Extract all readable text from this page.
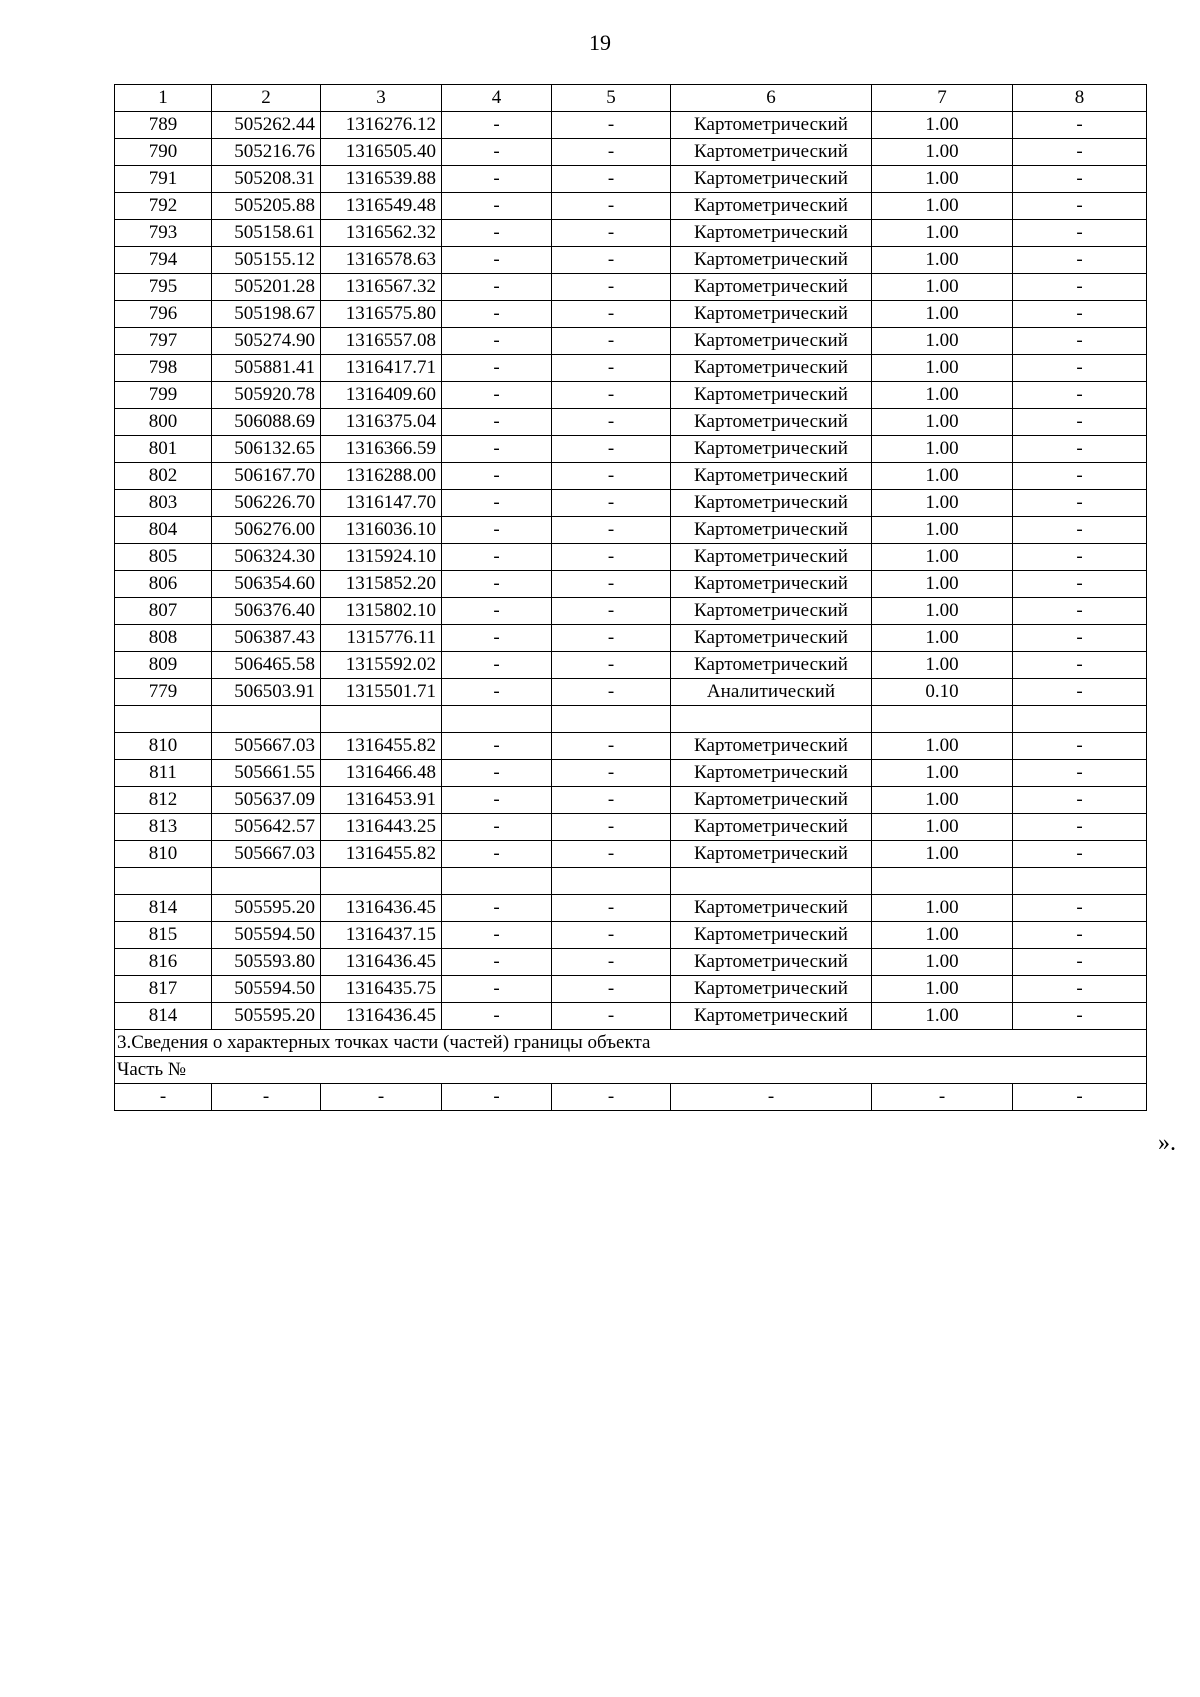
19
1	2	3	4	5	6	7	8
789	505262.44	1316276.12	-	-	Картометрический	1.00	-
790	505216.76	1316505.40	-	-	Картометрический	1.00	-
791	505208.31	1316539.88	-	-	Картометрический	1.00	-
792	505205.88	1316549.48	-	-	Картометрический	1.00	-
793	505158.61	1316562.32	-	-	Картометрический	1.00	-
794	505155.12	1316578.63	-	-	Картометрический	1.00	-
795	505201.28	1316567.32	-	-	Картометрический	1.00	-
796	505198.67	1316575.80	-	-	Картометрический	1.00	-
797	505274.90	1316557.08	-	-	Картометрический	1.00	-
798	505881.41	1316417.71	-	-	Картометрический	1.00	-
799	505920.78	1316409.60	-	-	Картометрический	1.00	-
800	506088.69	1316375.04	-	-	Картометрический	1.00	-
801	506132.65	1316366.59	-	-	Картометрический	1.00	-
802	506167.70	1316288.00	-	-	Картометрический	1.00	-
803	506226.70	1316147.70	-	-	Картометрический	1.00	-
804	506276.00	1316036.10	-	-	Картометрический	1.00	-
805	506324.30	1315924.10	-	-	Картометрический	1.00	-
806	506354.60	1315852.20	-	-	Картометрический	1.00	-
807	506376.40	1315802.10	-	-	Картометрический	1.00	-
808	506387.43	1315776.11	-	-	Картометрический	1.00	-
809	506465.58	1315592.02	-	-	Картометрический	1.00	-
779	506503.91	1315501.71	-	-	Аналитический	0.10	-

810	505667.03	1316455.82	-	-	Картометрический	1.00	-
811	505661.55	1316466.48	-	-	Картометрический	1.00	-
812	505637.09	1316453.91	-	-	Картометрический	1.00	-
813	505642.57	1316443.25	-	-	Картометрический	1.00	-
810	505667.03	1316455.82	-	-	Картометрический	1.00	-

814	505595.20	1316436.45	-	-	Картометрический	1.00	-
815	505594.50	1316437.15	-	-	Картометрический	1.00	-
816	505593.80	1316436.45	-	-	Картометрический	1.00	-
817	505594.50	1316435.75	-	-	Картометрический	1.00	-
814	505595.20	1316436.45	-	-	Картометрический	1.00	-
3.Сведения о характерных точках части (частей) границы объекта							
Часть №							
-	-	-	-	-	-	-	-
».
